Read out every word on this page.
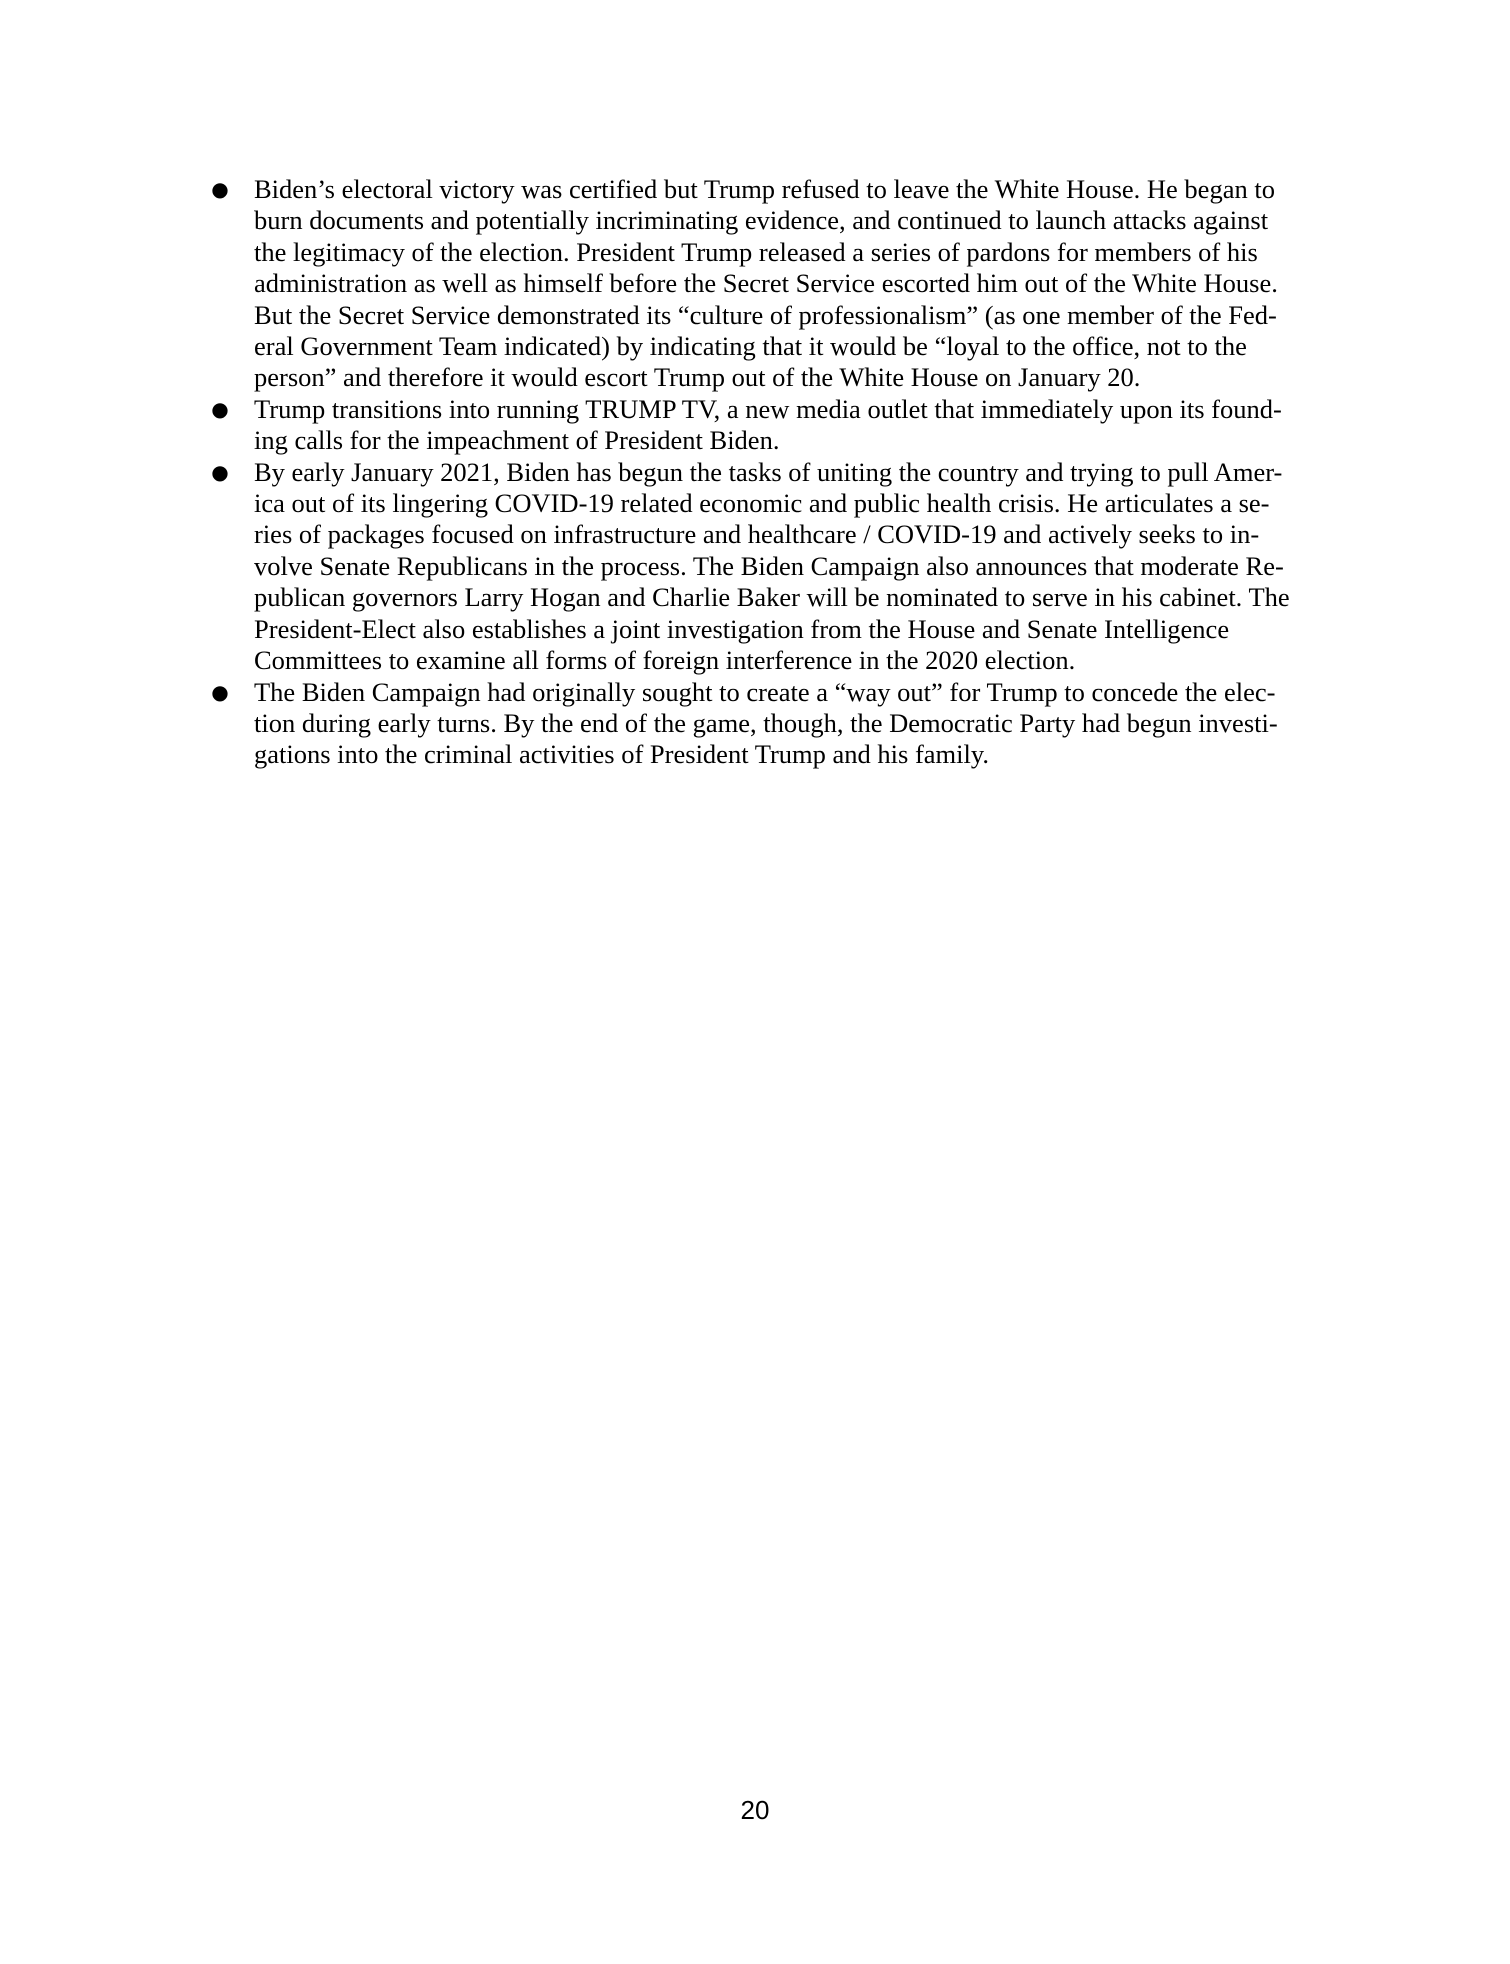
● Biden’s electoral victory was certified but Trump refused to leave the White House. He began to
burn documents and potentially incriminating evidence, and continued to launch attacks against
the legitimacy of the election. President Trump released a series of pardons for members of his
administration as well as himself before the Secret Service escorted him out of the White House.
But the Secret Service demonstrated its “culture of professionalism” (as one member of the Fed-
eral Government Team indicated) by indicating that it would be “loyal to the office, not to the
person” and therefore it would escort Trump out of the White House on January 20.
● Trump transitions into running TRUMP TV, a new media outlet that immediately upon its found-
ing calls for the impeachment of President Biden.
● By early January 2021, Biden has begun the tasks of uniting the country and trying to pull Amer-
ica out of its lingering COVID-19 related economic and public health crisis. He articulates a se-
ries of packages focused on infrastructure and healthcare / COVID-19 and actively seeks to in-
volve Senate Republicans in the process. The Biden Campaign also announces that moderate Re-
publican governors Larry Hogan and Charlie Baker will be nominated to serve in his cabinet. The
President-Elect also establishes a joint investigation from the House and Senate Intelligence
Committees to examine all forms of foreign interference in the 2020 election.
● The Biden Campaign had originally sought to create a “way out” for Trump to concede the elec-
tion during early turns. By the end of the game, though, the Democratic Party had begun investi-
gations into the criminal activities of President Trump and his family.
20
